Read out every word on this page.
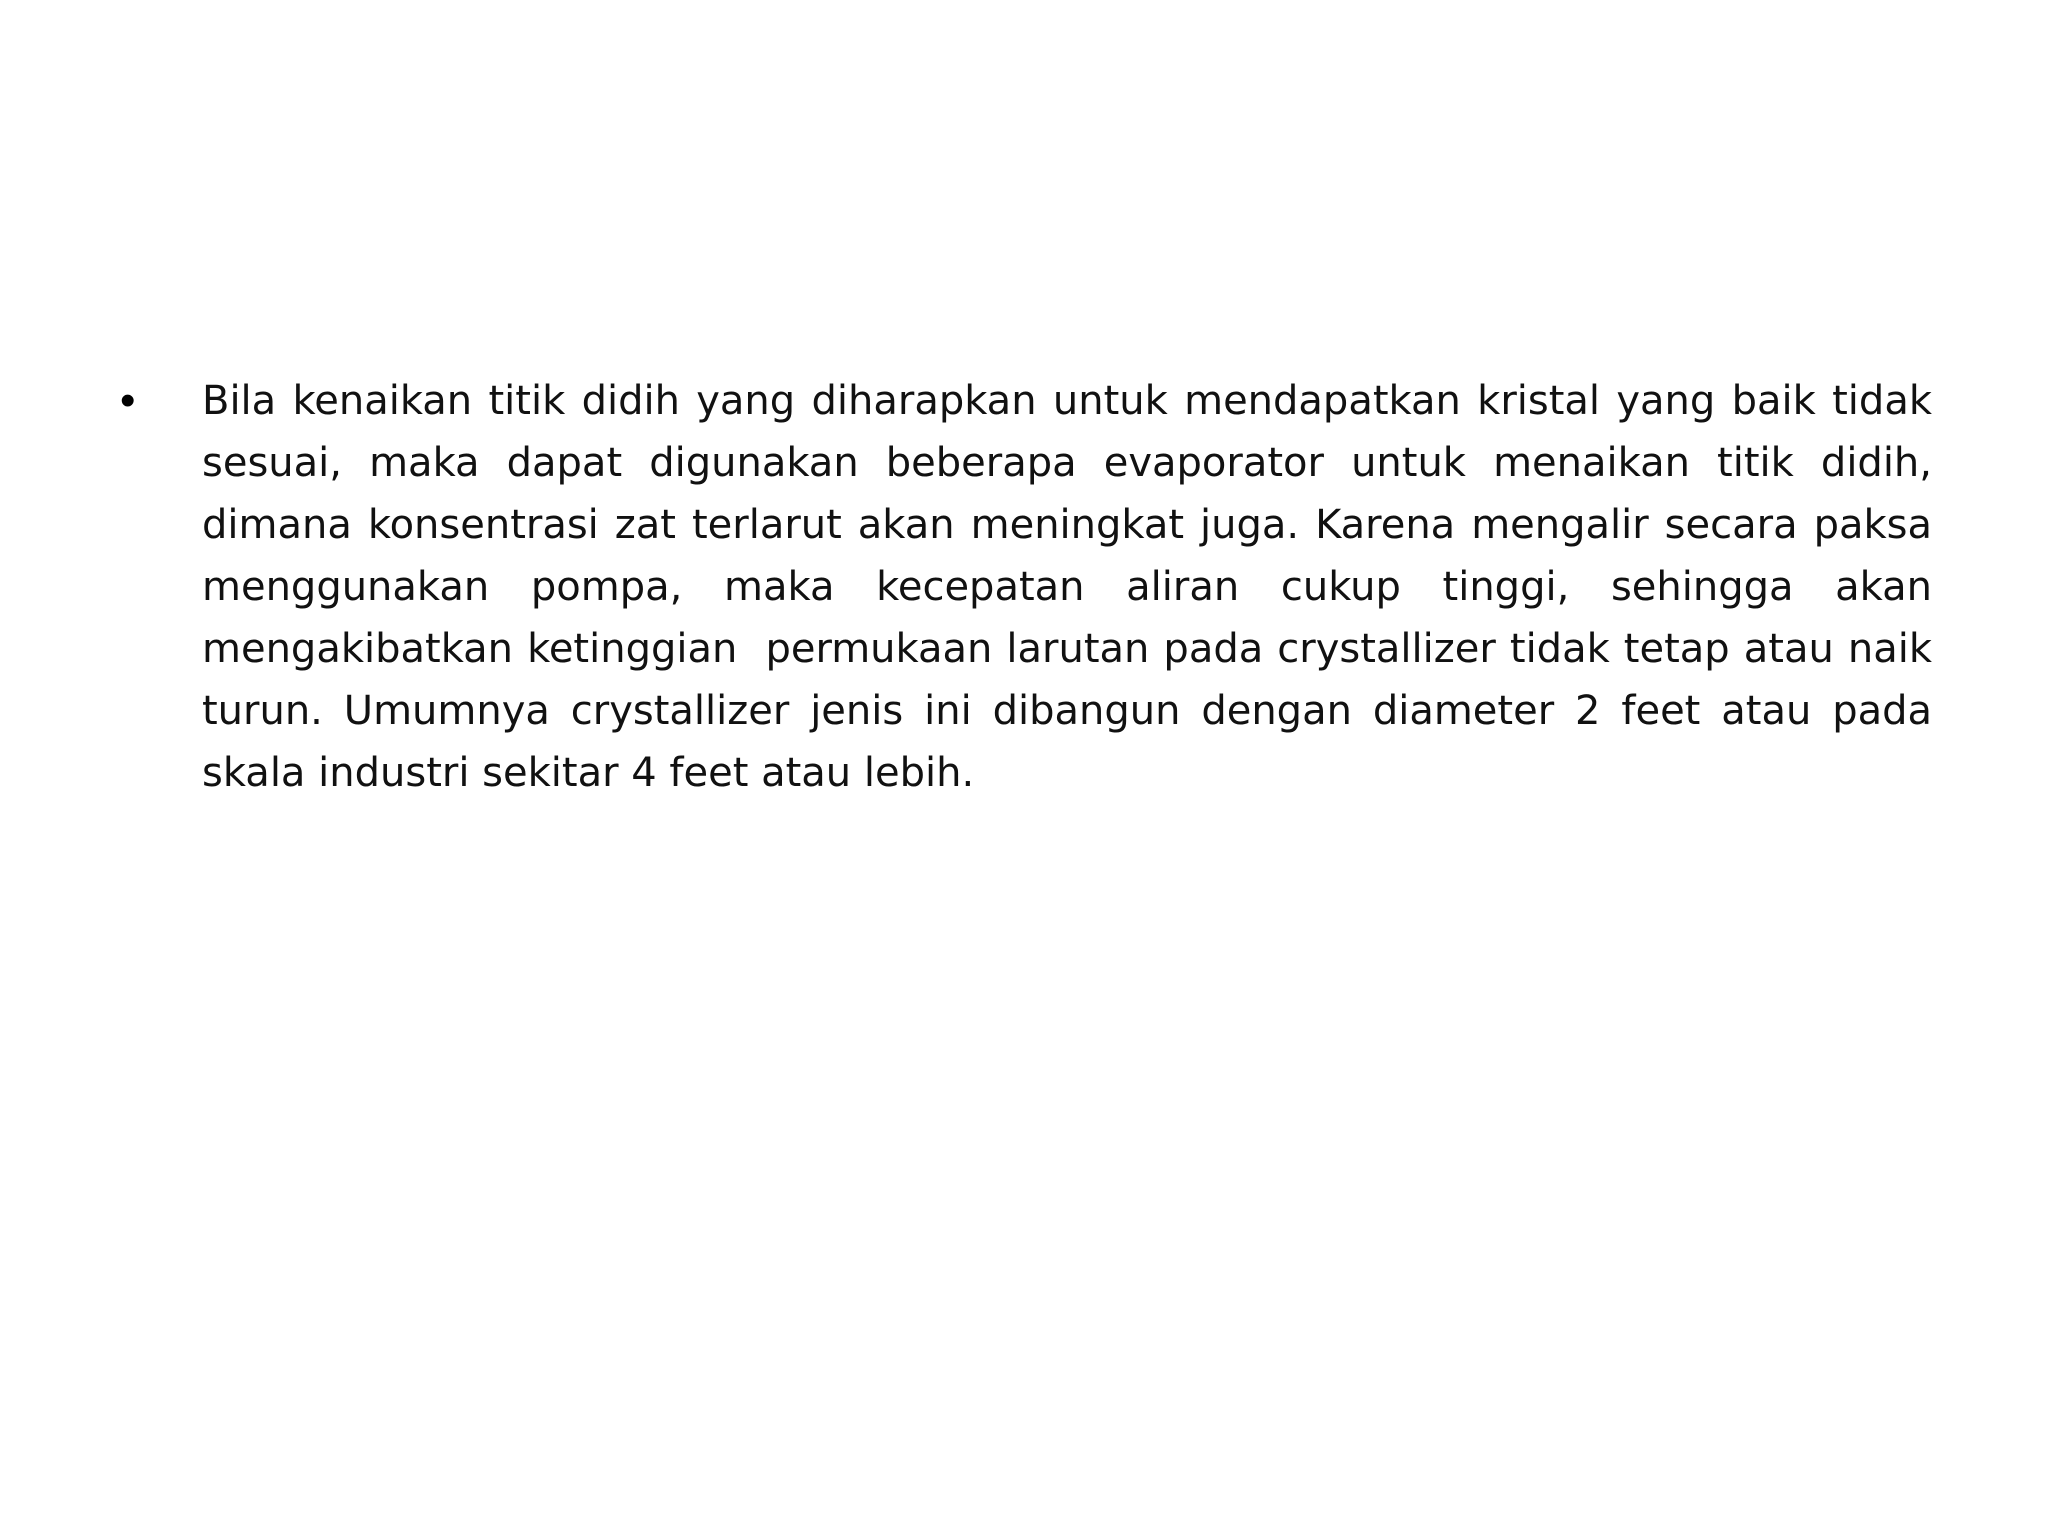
•	Bila kenaikan titik didih yang diharapkan untuk mendapatkan kristal yang baik tidak sesuai, maka dapat digunakan beberapa evaporator untuk menaikan titik didih, dimana konsentrasi zat terlarut akan meningkat juga. Karena mengalir secara paksa menggunakan pompa, maka kecepatan aliran cukup tinggi, sehingga akan mengakibatkan ketinggian  permukaan larutan pada crystallizer tidak tetap atau naik turun. Umumnya crystallizer jenis ini dibangun dengan diameter 2 feet atau pada skala industri sekitar 4 feet atau lebih.
